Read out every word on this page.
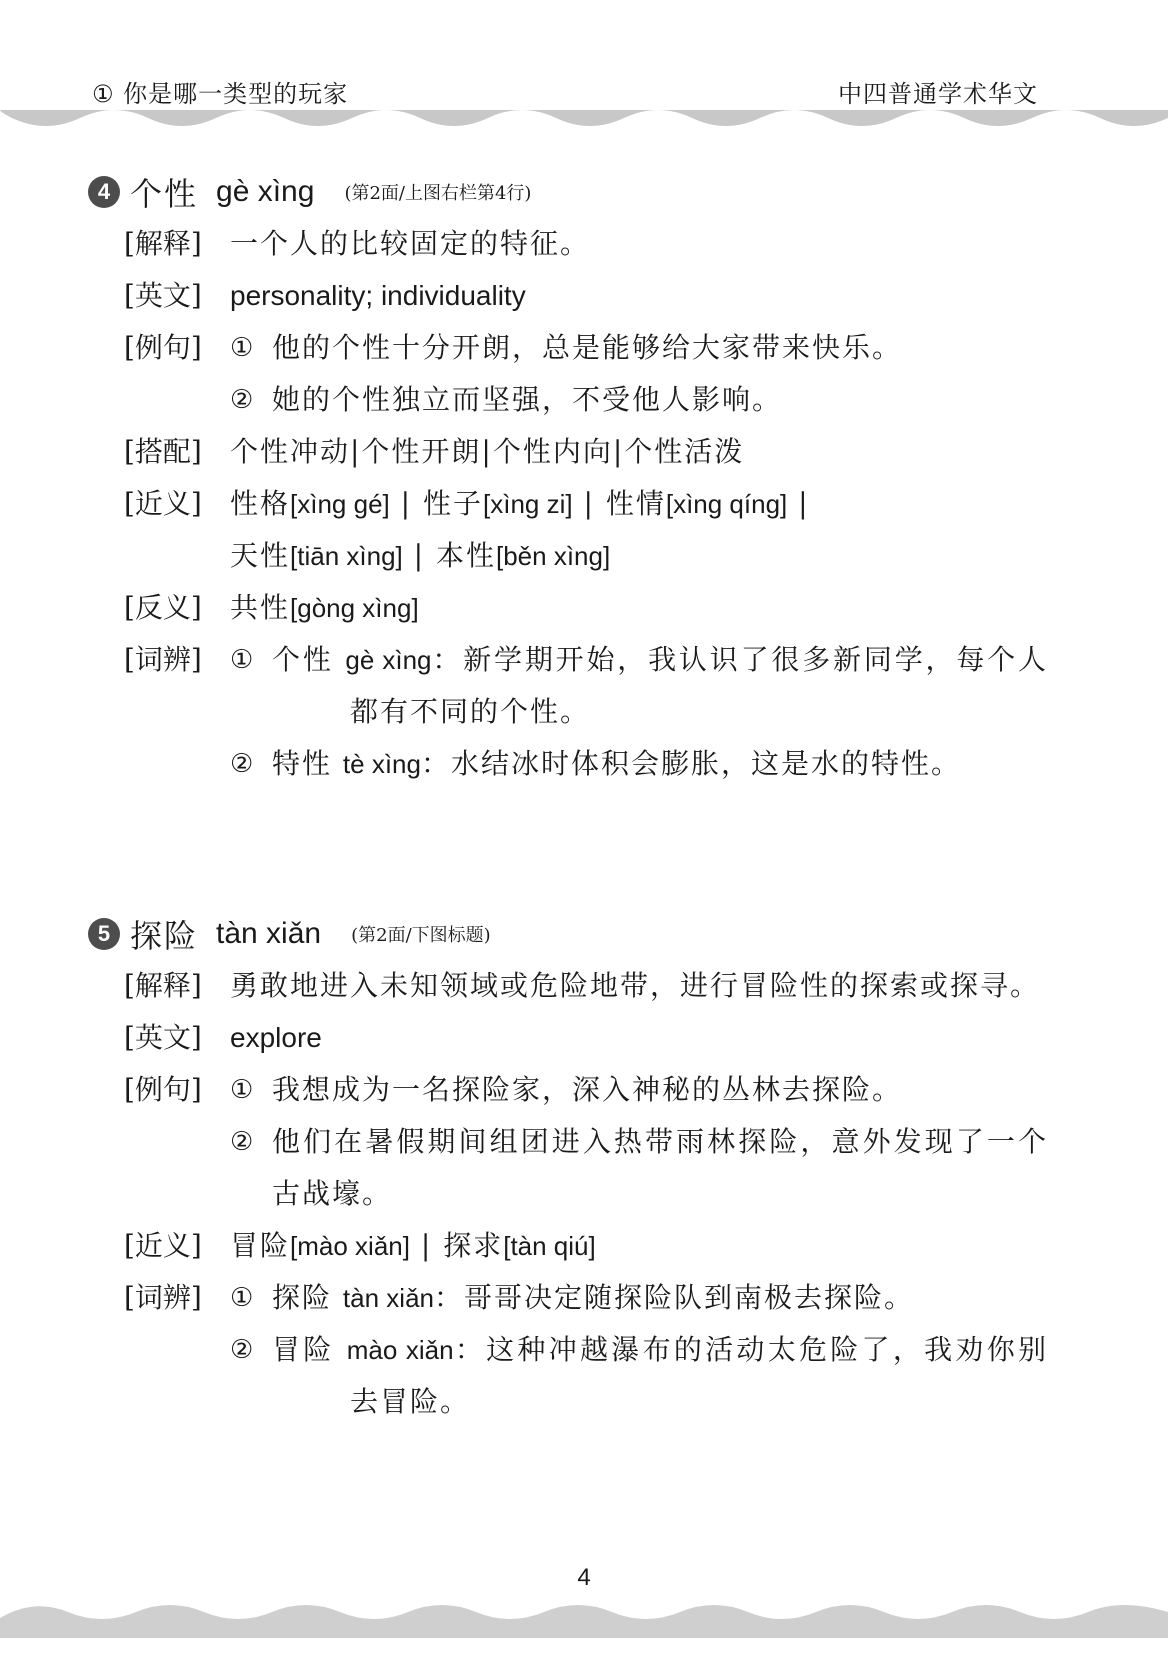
① 你是哪一类型的玩家	中四普通学术华文
4 个性 gè xìng (第2面/上图右栏第4行)
[解释]	一个人的比较固定的特征。

[英文]	personality; individuality

[例句]	① 他的个性十分开朗，总是能够给大家带来快乐。

② 她的个性独立而坚强，不受他人影响。

[搭配]	个性冲动|个性开朗|个性内向|个性活泼

[近义]	性格[xìng gé] | 性子[xìng zi] | 性情[xìng qíng] |
天性[tiān xìng] | 本性[běn xìng]

[反义]	共性[gòng xìng]

[词辨]	① 个性 gè xìng：新学期开始，我认识了很多新同学，每个人都有不同的个性。

② 特性 tè xìng：水结冰时体积会膨胀，这是水的特性。

5 探险 tàn xiǎn (第2面/下图标题)
[解释]	勇敢地进入未知领域或危险地带，进行冒险性的探索或探寻。

[英文]	explore

[例句]	① 我想成为一名探险家，深入神秘的丛林去探险。

② 他们在暑假期间组团进入热带雨林探险，意外发现了一个古战壕。

[近义]	冒险[mào xiǎn] | 探求[tàn qiú]

[词辨]	① 探险 tàn xiǎn：哥哥决定随探险队到南极去探险。

② 冒险 mào xiǎn：这种冲越瀑布的活动太危险了，我劝你别去冒险。

4
